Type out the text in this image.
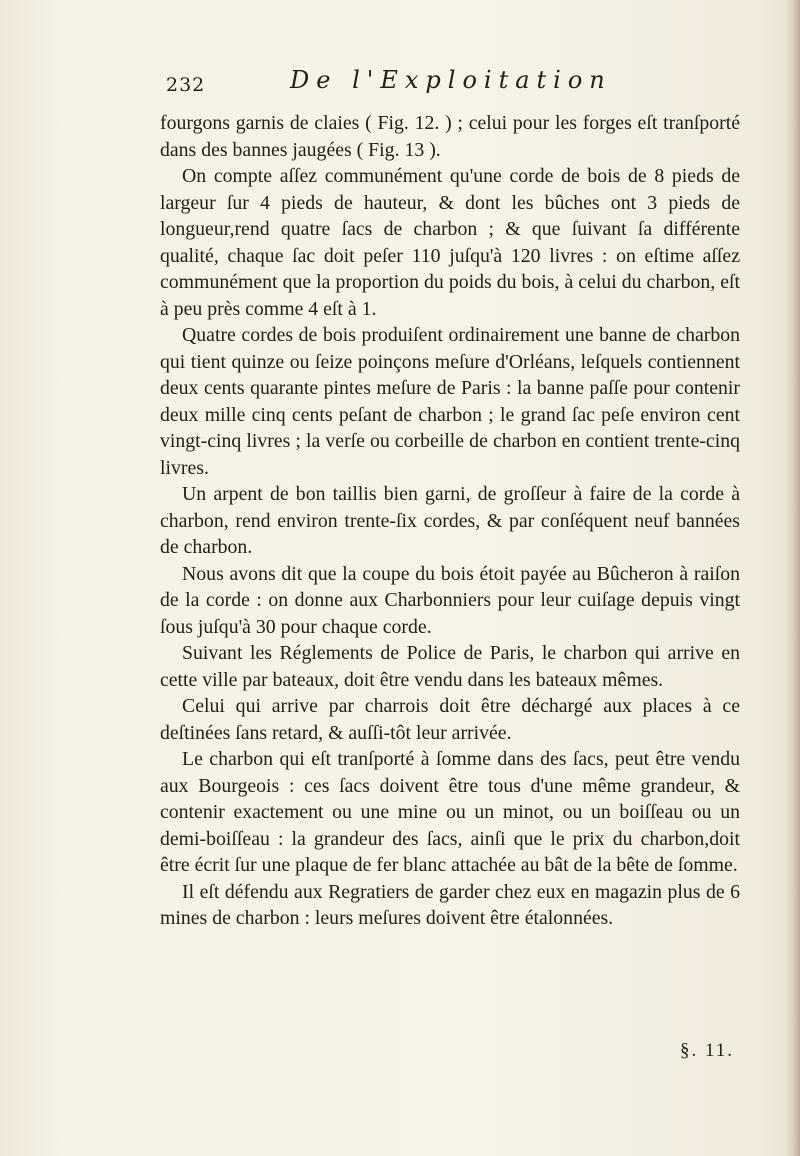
232	De l'Exploitation

fourgons garnis de claies ( Fig. 12. ) ; celui pour les forges eſt tranſporté dans des bannes jaugées ( Fig. 13 ).

On compte aſſez communément qu'une corde de bois de 8 pieds de largeur ſur 4 pieds de hauteur, & dont les bûches ont 3 pieds de longueur,rend quatre ſacs de charbon ; & que ſuivant ſa différente qualité, chaque ſac doit peſer 110 juſqu'à 120 livres : on eſtime aſſez communément que la proportion du poids du bois, à celui du charbon, eſt à peu près comme 4 eſt à 1.

Quatre cordes de bois produiſent ordinairement une banne de charbon qui tient quinze ou ſeize poinçons meſure d'Orléans, leſquels contiennent deux cents quarante pintes meſure de Paris : la banne paſſe pour contenir deux mille cinq cents peſant de charbon ; le grand ſac peſe environ cent vingt-cinq livres ; la verſe ou corbeille de charbon en contient trente-cinq livres.

Un arpent de bon taillis bien garni, de groſſeur à faire de la corde à charbon, rend environ trente-ſix cordes, & par conſéquent neuf bannées de charbon.

Nous avons dit que la coupe du bois étoit payée au Bûcheron à raiſon de la corde : on donne aux Charbonniers pour leur cuiſage depuis vingt ſous juſqu'à 30 pour chaque corde.

Suivant les Réglements de Police de Paris, le charbon qui arrive en cette ville par bateaux, doit être vendu dans les bateaux mêmes.

Celui qui arrive par charrois doit être déchargé aux places à ce deſtinées ſans retard, & auſſi-tôt leur arrivée.

Le charbon qui eſt tranſporté à ſomme dans des ſacs, peut être vendu aux Bourgeois : ces ſacs doivent être tous d'une même grandeur, & contenir exactement ou une mine ou un minot, ou un boiſſeau ou un demi-boiſſeau : la grandeur des ſacs, ainſi que le prix du charbon,doit être écrit ſur une plaque de fer blanc attachée au bât de la bête de ſomme.

Il eſt défendu aux Regratiers de garder chez eux en magazin plus de 6 mines de charbon : leurs meſures doivent être étalonnées.

§. 11.
